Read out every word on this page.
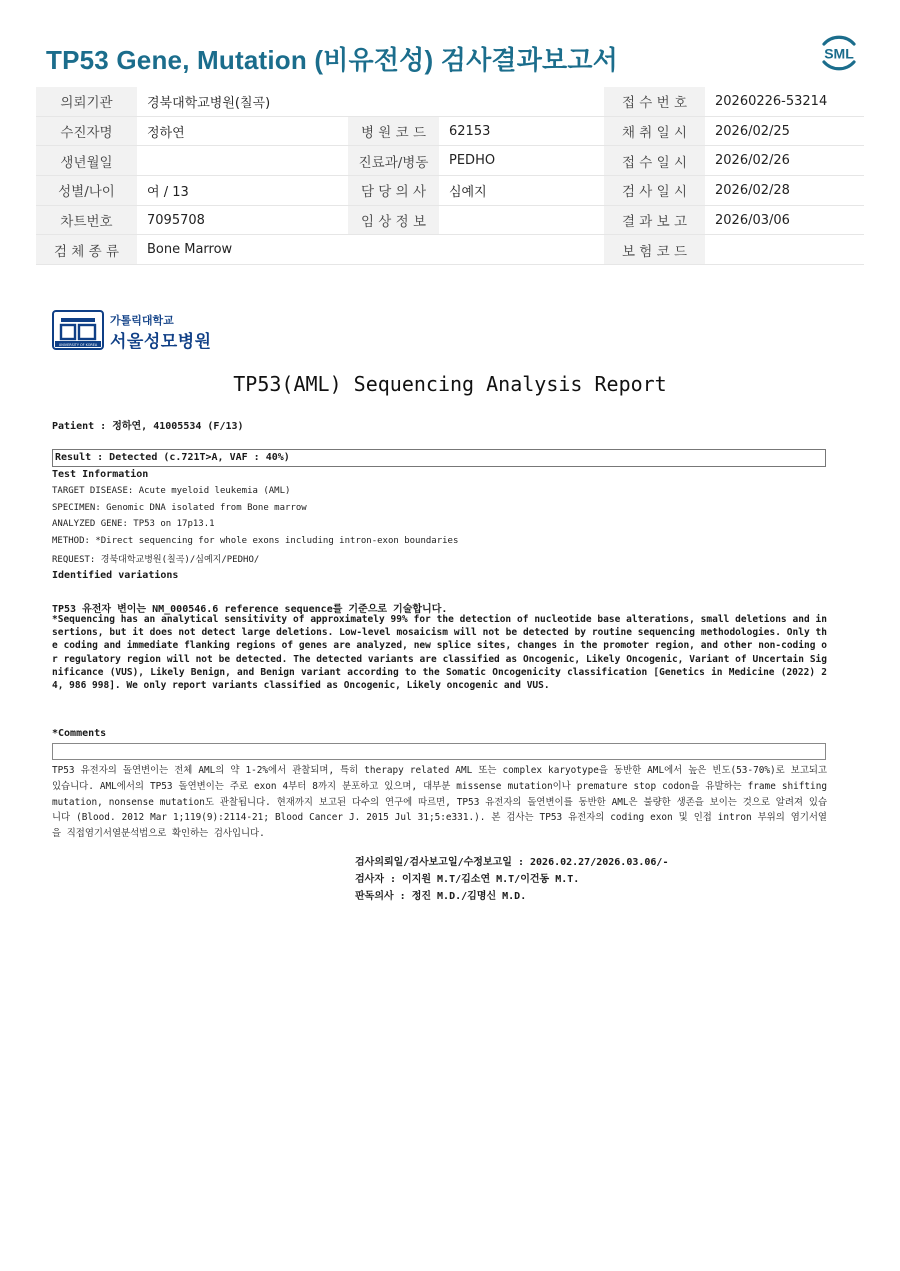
TP53 Gene, Mutation (비유전성) 검사결과보고서	SML
의뢰기관	경북대학교병원(칠곡)			접 수 번 호	20260226-53214
수진자명	정하연	병 원 코 드	62153	채 취 일 시	2026/02/25
생년월일		진료과/병동	PEDHO	접 수 일 시	2026/02/26
성별/나이	여 / 13	담 당 의 사	심예지	검 사 일 시	2026/02/28
차트번호	7095708	임 상 정 보		결 과 보 고	2026/03/06
검 체 종 류	Bone Marrow			보 험 코 드	
UNIVERSITY OF KOREA
가톨릭대학교
서울성모병원
TP53(AML) Sequencing Analysis Report
Patient : 정하연, 41005534 (F/13)
Result : Detected (c.721T>A, VAF : 40%)
Test Information
TARGET DISEASE: Acute myeloid leukemia (AML)
SPECIMEN: Genomic DNA isolated from Bone marrow
ANALYZED GENE: TP53 on 17p13.1
METHOD: *Direct sequencing for whole exons including intron-exon boundaries
REQUEST: 경북대학교병원(칠곡)/심예지/PEDHO/
Identified variations
TP53 유전자 변이는 NM_000546.6 reference sequence를 기준으로 기술합니다.
*Sequencing has an analytical sensitivity of approximately 99% for the detection of nucleotide base alterations, small deletions and insertions, but it does not detect large deletions. Low-level mosaicism will not be detected by routine sequencing methodologies. Only the coding and immediate flanking regions of genes are analyzed, new splice sites, changes in the promoter region, and other non-coding or regulatory region will not be detected. The detected variants are classified as Oncogenic, Likely Oncogenic, Variant of Uncertain Significance (VUS), Likely Benign, and Benign variant according to the Somatic Oncogenicity classification [Genetics in Medicine (2022) 24, 986 998]. We only report variants classified as Oncogenic, Likely oncogenic and VUS.
*Comments
TP53 유전자의 돌연변이는 전체 AML의 약 1-2%에서 관찰되며, 특히 therapy related AML 또는 complex karyotype을 동반한 AML에서 높은 빈도(53-70%)로 보고되고 있습니다. AML에서의 TP53 돌연변이는 주로 exon 4부터 8까지 분포하고 있으며, 대부분 missense mutation이나 premature stop codon을 유발하는 frame shifting mutation, nonsense mutation도 관찰됩니다. 현재까지 보고된 다수의 연구에 따르면, TP53 유전자의 돌연변이를 동반한 AML은 불량한 생존을 보이는 것으로 알려져 있습니다 (Blood. 2012 Mar 1;119(9):2114-21; Blood Cancer J. 2015 Jul 31;5:e331.). 본 검사는 TP53 유전자의 coding exon 및 인접 intron 부위의 염기서열을 직접염기서열분석법으로 확인하는 검사입니다.
검사의뢰일/검사보고일/수정보고일 : 2026.02.27/2026.03.06/-
검사자 : 이지원 M.T/김소연 M.T/이건동 M.T.
판독의사 : 정진 M.D./김명신 M.D.
